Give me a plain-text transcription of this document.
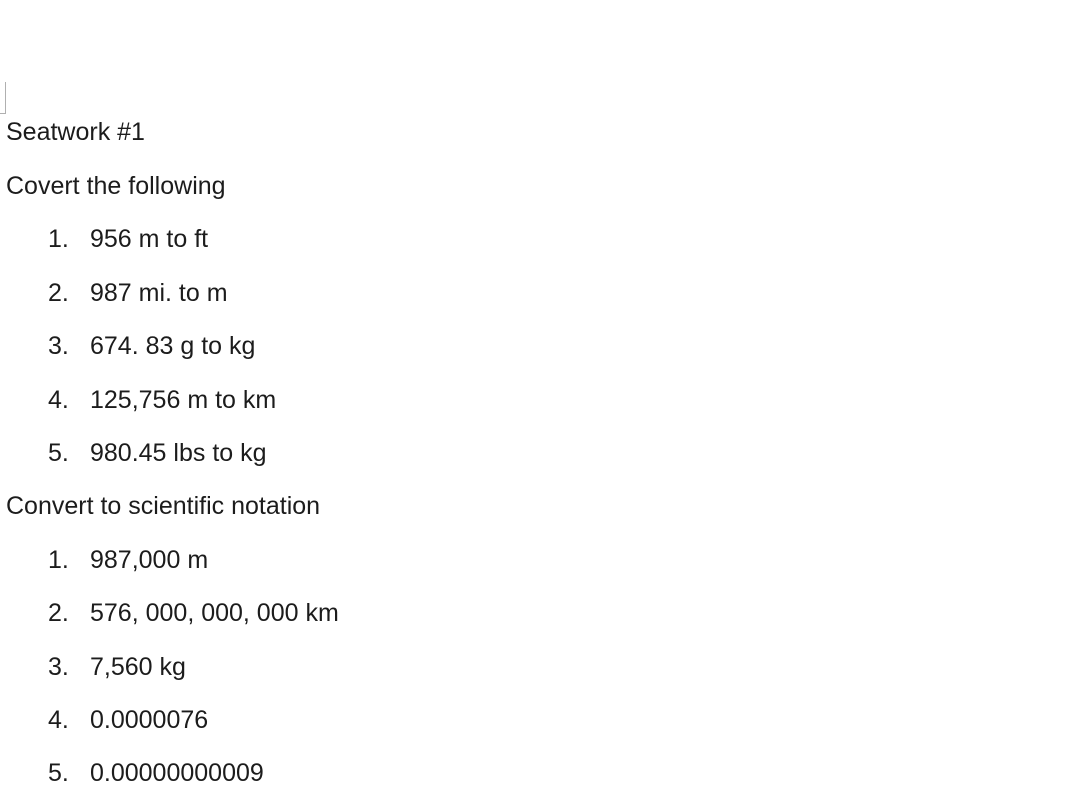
Seatwork #1
Covert the following
1. 956 m to ft
2. 987 mi. to m
3. 674. 83 g to kg
4. 125,756 m to km
5. 980.45 lbs to kg
Convert to scientific notation
1. 987,000 m
2. 576, 000, 000, 000 km
3. 7,560 kg
4. 0.0000076
5. 0.00000000009
